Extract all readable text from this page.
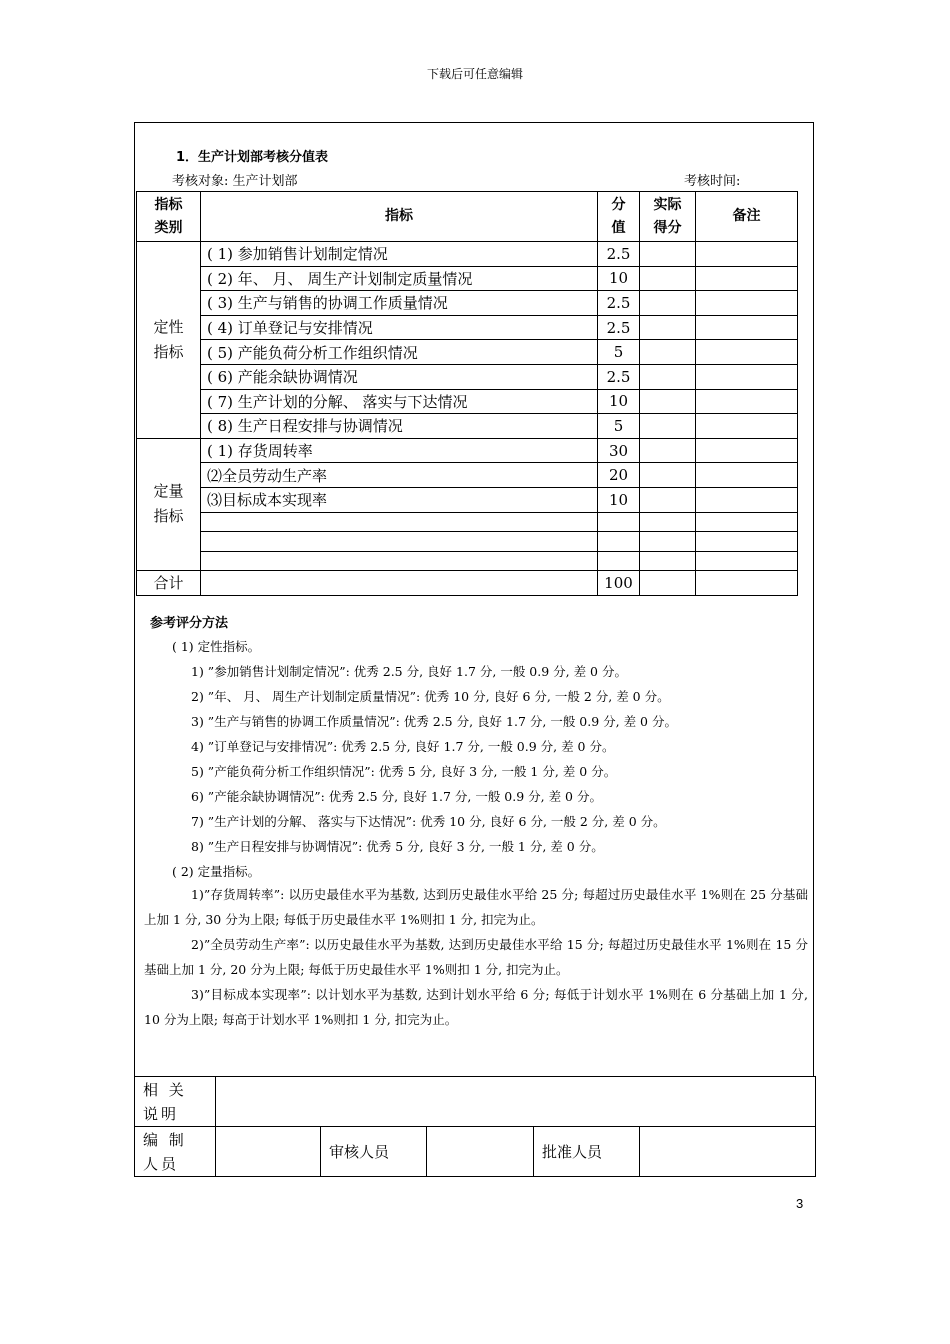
下载后可任意编辑
1．生产计划部考核分值表
考核对象: 生产计划部	考核时间:
指标类别	指标	分值	实际得分	备注

定性指标	( 1) 参加销售计划制定情况	2.5		
	( 2) 年、 月、 周生产计划制定质量情况	10		
	( 3) 生产与销售的协调工作质量情况	2.5		
	( 4) 订单登记与安排情况	2.5		
	( 5) 产能负荷分析工作组织情况	5		
	( 6) 产能余缺协调情况	2.5		
	( 7) 生产计划的分解、 落实与下达情况	10		
	( 8) 生产日程安排与协调情况	5		

定量指标	( 1) 存货周转率	30		
	⑵全员劳动生产率	20		
	⑶目标成本实现率	10		

合计		100		
参考评分方法
( 1) 定性指标。
1) ”参加销售计划制定情况”: 优秀 2.5 分, 良好 1.7 分, 一般 0.9 分, 差 0 分。
2) ”年、 月、 周生产计划制定质量情况”: 优秀 10 分, 良好 6 分, 一般 2 分, 差 0 分。
3) ”生产与销售的协调工作质量情况”: 优秀 2.5 分, 良好 1.7 分, 一般 0.9 分, 差 0 分。
4) ”订单登记与安排情况”: 优秀 2.5 分, 良好 1.7 分, 一般 0.9 分, 差 0 分。
5) ”产能负荷分析工作组织情况”: 优秀 5 分, 良好 3 分, 一般 1 分, 差 0 分。
6) ”产能余缺协调情况”: 优秀 2.5 分, 良好 1.7 分, 一般 0.9 分, 差 0 分。
7) ”生产计划的分解、 落实与下达情况”: 优秀 10 分, 良好 6 分, 一般 2 分, 差 0 分。
8) ”生产日程安排与协调情况”: 优秀 5 分, 良好 3 分, 一般 1 分, 差 0 分。
( 2) 定量指标。
1)”存货周转率”: 以历史最佳水平为基数, 达到历史最佳水平给 25 分; 每超过历史最佳水平 1%则在 25 分基础上加 1 分, 30 分为上限; 每低于历史最佳水平 1%则扣 1 分, 扣完为止。
2)”全员劳动生产率”: 以历史最佳水平为基数, 达到历史最佳水平给 15 分; 每超过历史最佳水平 1%则在 15 分基础上加 1 分, 20 分为上限; 每低于历史最佳水平 1%则扣 1 分, 扣完为止。
3)”目标成本实现率”: 以计划水平为基数, 达到计划水平给 6 分; 每低于计划水平 1%则在 6 分基础上加 1 分, 10 分为上限; 每高于计划水平 1%则扣 1 分, 扣完为止。
相 关 说明					

编 制 人员		审核人员		批准人员	
3
